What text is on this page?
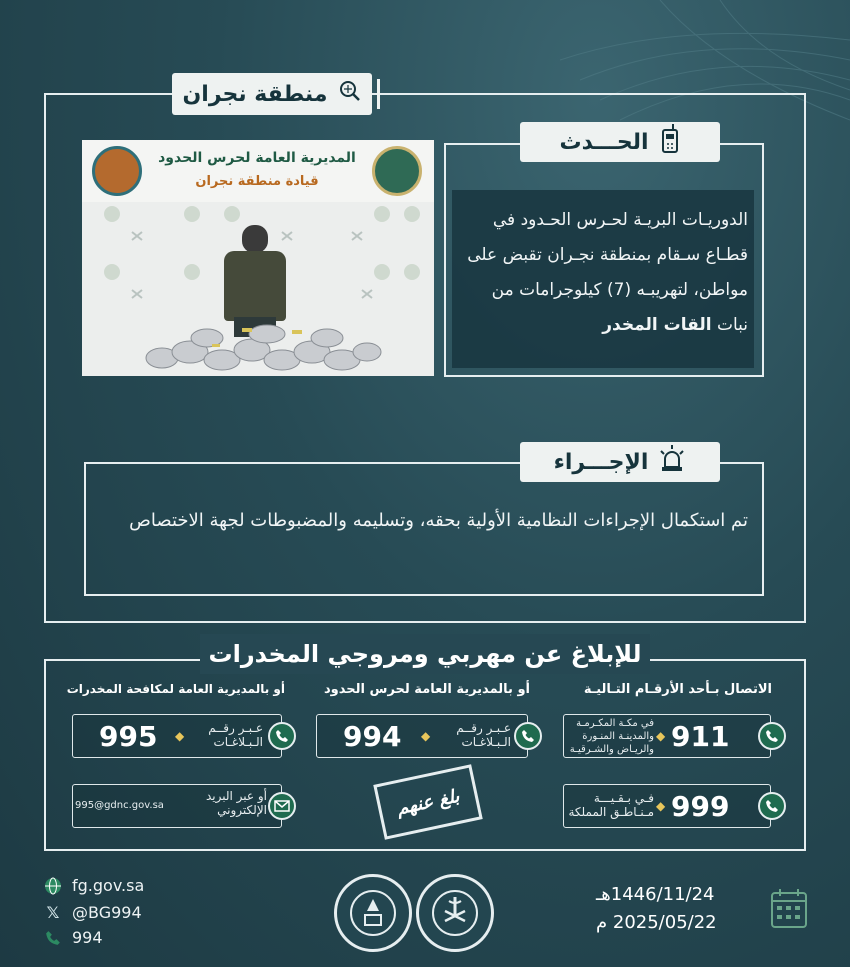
منطقة نجران
المديرية العامة لحرس الحدود
قيادة منطقة نجران
الحـــدث
الدوريـات البريـة لحـرس الحـدود في قطـاع سـقام بمنطقة نجـران تقبض على مواطن، لتهريبـه (7) كيلوجرامات من نبات القات المخدر
الإجـــراء
تم استكمال الإجراءات النظامية الأولية بحقه، وتسليمه والمضبوطات لجهة الاختصاص
للإبلاغ عن مهربي ومروجي المخدرات
الاتصال بـأحد الأرقـام التـاليـة
أو بالمديرية العامة لحرس الحدود
أو بالمديرية العامة لمكافحة المخدرات
911
◆
في مكـة المكـرمـة والمدينـة المنـورة والريـاض والشـرقيـة
999
◆
فـي بـقـيـــة مـنـاطـق المملكة
994 ◆
عـبـر رقــم الـبـلاغـات
995 ◆
عـبـر رقــم الـبـلاغـات
995@gdnc.gov.sa
أو عبر البريد الإلكتروني	بلغ عنهم
fg.gov.sa
𝕏 @BG994
994
1446/11/24هـ
2025/05/22 م
